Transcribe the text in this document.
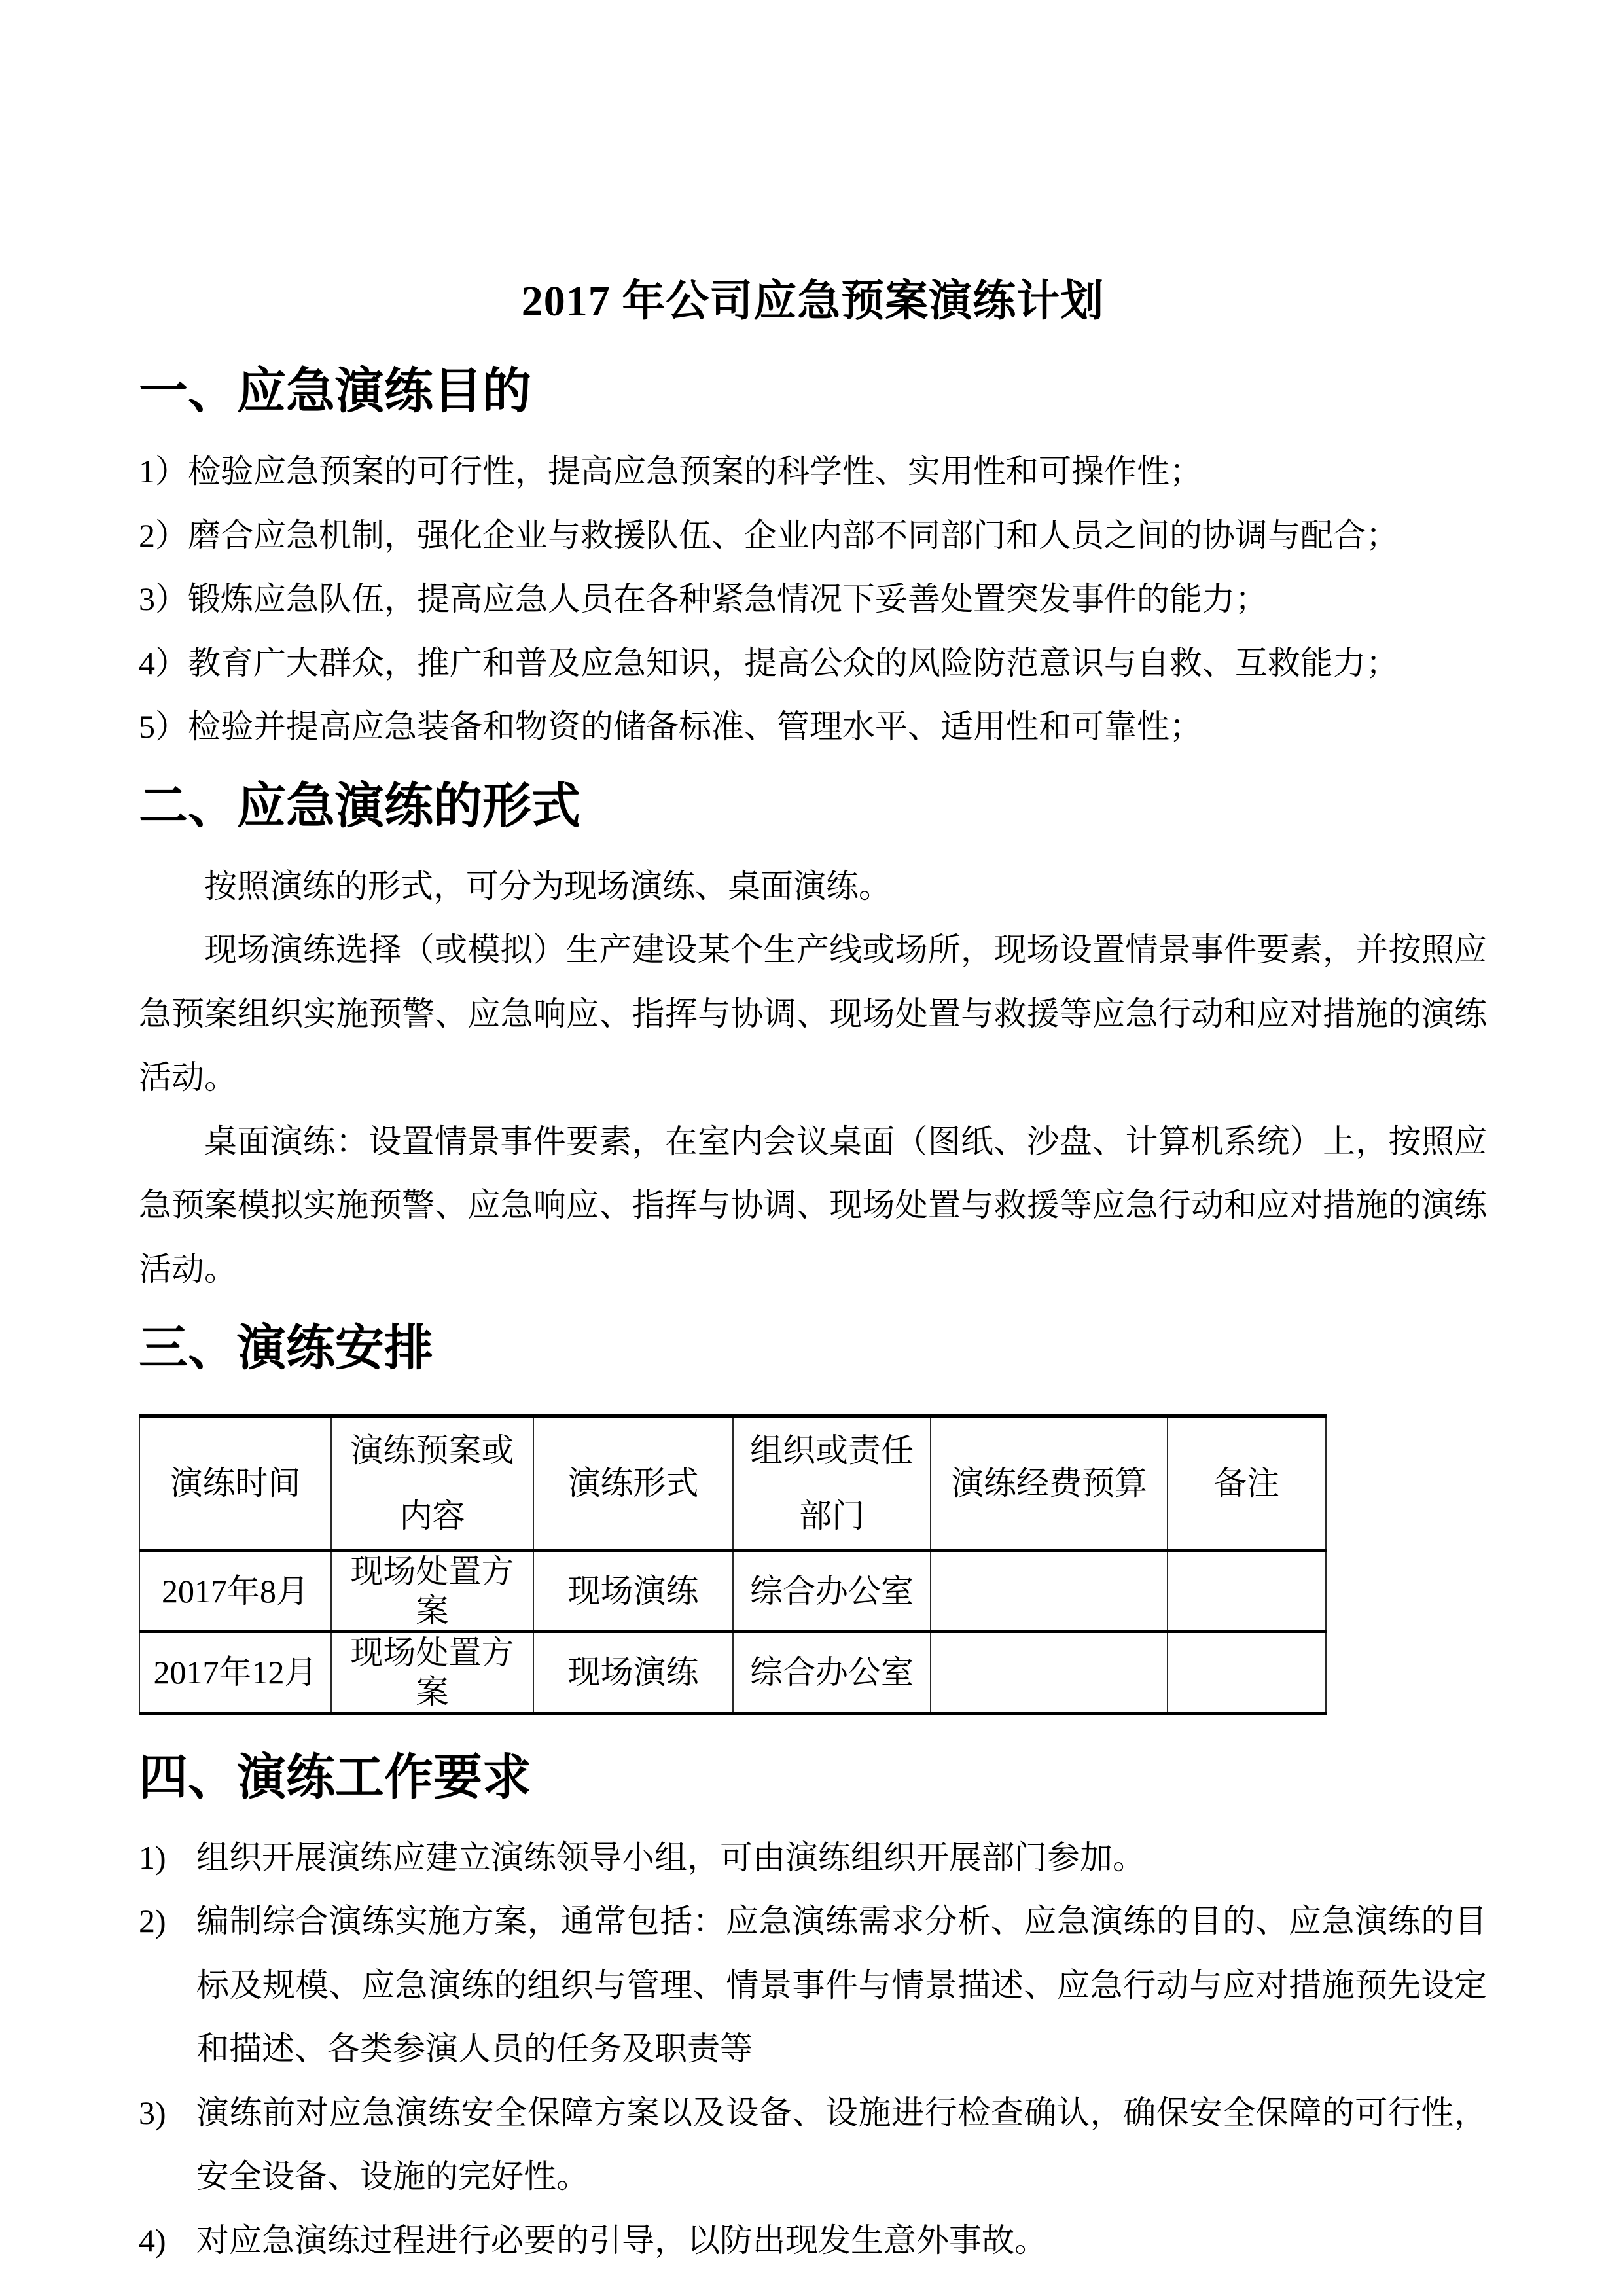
2017 年公司应急预案演练计划
一、应急演练目的
1）检验应急预案的可行性，提高应急预案的科学性、实用性和可操作性；
2）磨合应急机制，强化企业与救援队伍、企业内部不同部门和人员之间的协调与配合；
3）锻炼应急队伍，提高应急人员在各种紧急情况下妥善处置突发事件的能力；
4）教育广大群众，推广和普及应急知识，提高公众的风险防范意识与自救、互救能力；
5）检验并提高应急装备和物资的储备标准、管理水平、适用性和可靠性；
二、应急演练的形式

按照演练的形式，可分为现场演练、桌面演练。

现场演练选择（或模拟）生产建设某个生产线或场所，现场设置情景事件要素，并按照应急预案组织实施预警、应急响应、指挥与协调、现场处置与救援等应急行动和应对措施的演练活动。

桌面演练：设置情景事件要素，在室内会议桌面（图纸、沙盘、计算机系统）上，按照应急预案模拟实施预警、应急响应、指挥与协调、现场处置与救援等应急行动和应对措施的演练活动。

三、演练安排
演练时间	演练预案或内容	演练形式	组织或责任部门	演练经费预算	备注
2017年8月	现场处置方案	现场演练	综合办公室		
2017年12月	现场处置方案	现场演练	综合办公室		
四、演练工作要求
1) 组织开展演练应建立演练领导小组，可由演练组织开展部门参加。
2) 编制综合演练实施方案，通常包括：应急演练需求分析、应急演练的目的、应急演练的目标及规模、应急演练的组织与管理、情景事件与情景描述、应急行动与应对措施预先设定和描述、各类参演人员的任务及职责等
3) 演练前对应急演练安全保障方案以及设备、设施进行检查确认，确保安全保障的可行性，安全设备、设施的完好性。
4) 对应急演练过程进行必要的引导，以防出现发生意外事故。
